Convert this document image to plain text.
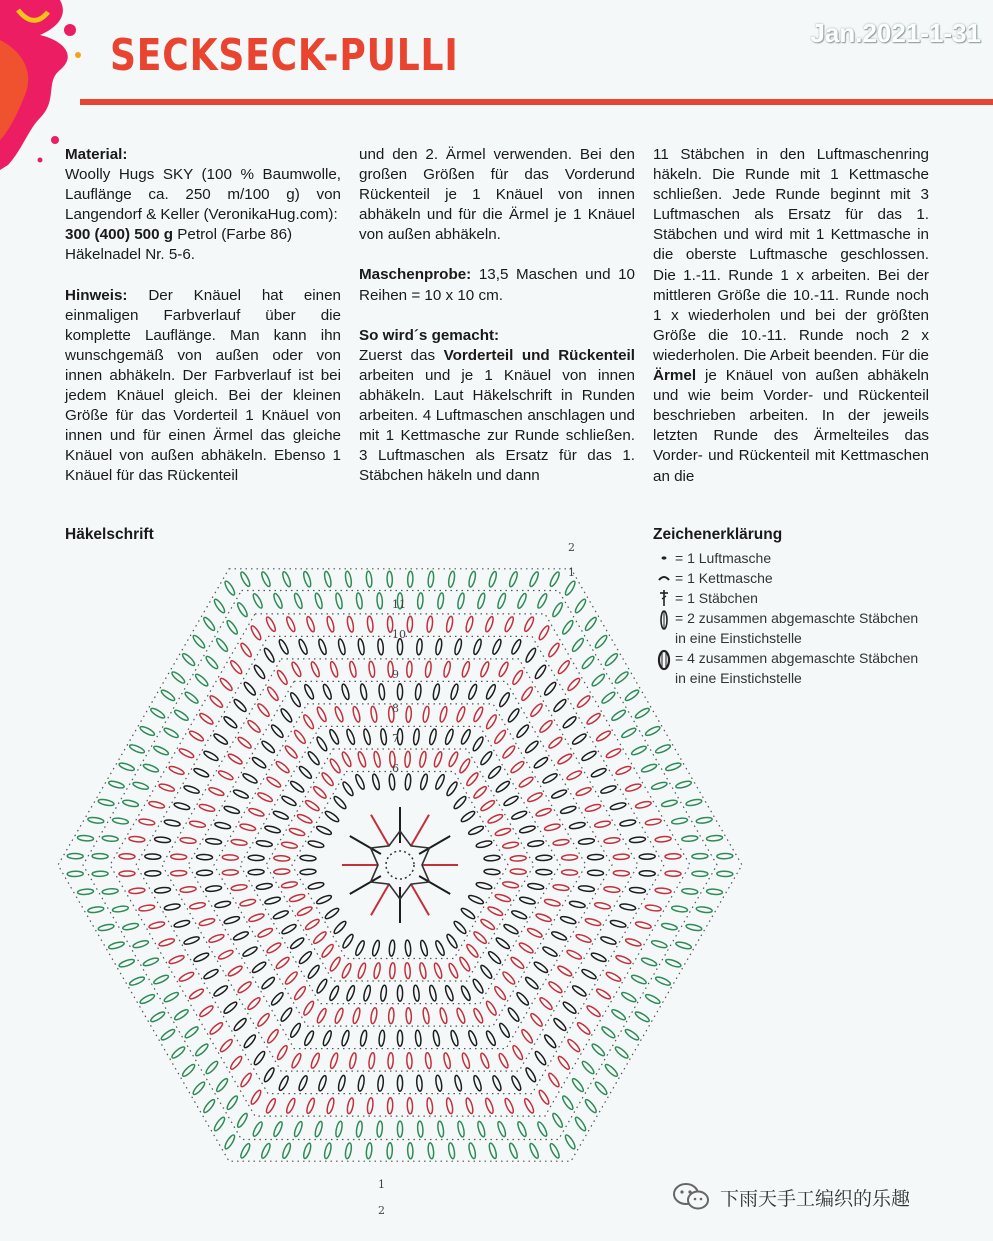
SECKSECK-PULLI	Jan.2021-1-31

Material:
Woolly Hugs SKY (100 % Baumwolle, Lauflänge ca. 250 m/100 g) von Langendorf & Keller (VeronikaHug.com):
300 (400) 500 g Petrol (Farbe 86)
Häkelnadel Nr. 5-6.

Hinweis: Der Knäuel hat einen einmaligen Farbverlauf über die komplette Lauflänge. Man kann ihn wunschgemäß von außen oder von innen abhäkeln. Der Farbverlauf ist bei jedem Knäuel gleich. Bei der kleinen Größe für das Vorderteil 1 Knäuel von innen und für einen Ärmel das gleiche Knäuel von außen abhäkeln. Ebenso 1 Knäuel für das Rückenteil

und den 2. Ärmel verwenden. Bei den großen Größen für das Vorderund Rückenteil je 1 Knäuel von innen abhäkeln und für die Ärmel je 1 Knäuel von außen abhäkeln.

Maschenprobe: 13,5 Maschen und 10 Reihen = 10 x 10 cm.

So wird´s gemacht:
Zuerst das Vorderteil und Rückenteil arbeiten und je 1 Knäuel von innen abhäkeln. Laut Häkelschrift in Runden arbeiten. 4 Luftmaschen anschlagen und mit 1 Kettmasche zur Runde schließen. 3 Luftmaschen als Ersatz für das 1. Stäbchen häkeln und dann

11 Stäbchen in den Luftmaschenring häkeln. Die Runde mit 1 Kettmasche schließen. Jede Runde beginnt mit 3 Luftmaschen als Ersatz für das 1. Stäbchen und wird mit 1 Kettmasche in die oberste Luftmasche geschlossen. Die 1.-11. Runde 1 x arbeiten. Bei der mittleren Größe die 10.-11. Runde noch 1 x wiederholen und bei der größten Größe die 10.-11. Runde noch 2 x wiederholen. Die Arbeit beenden. Für die Ärmel je Knäuel von außen abhäkeln und wie beim Vorder- und Rückenteil beschrieben arbeiten. In der jeweils letzten Runde des Ärmelteiles das Vorder- und Rückenteil mit Kettmaschen an die

Häkelschrift
2
1
11
10
9
8
7
6
1
2
Zeichenerklärung
= 1 Luftmasche
= 1 Kettmasche
= 1 Stäbchen
= 2 zusammen abgemaschte Stäbchen
in eine Einstichstelle
= 4 zusammen abgemaschte Stäbchen
in eine Einstichstelle
下雨天手工编织的乐趣
